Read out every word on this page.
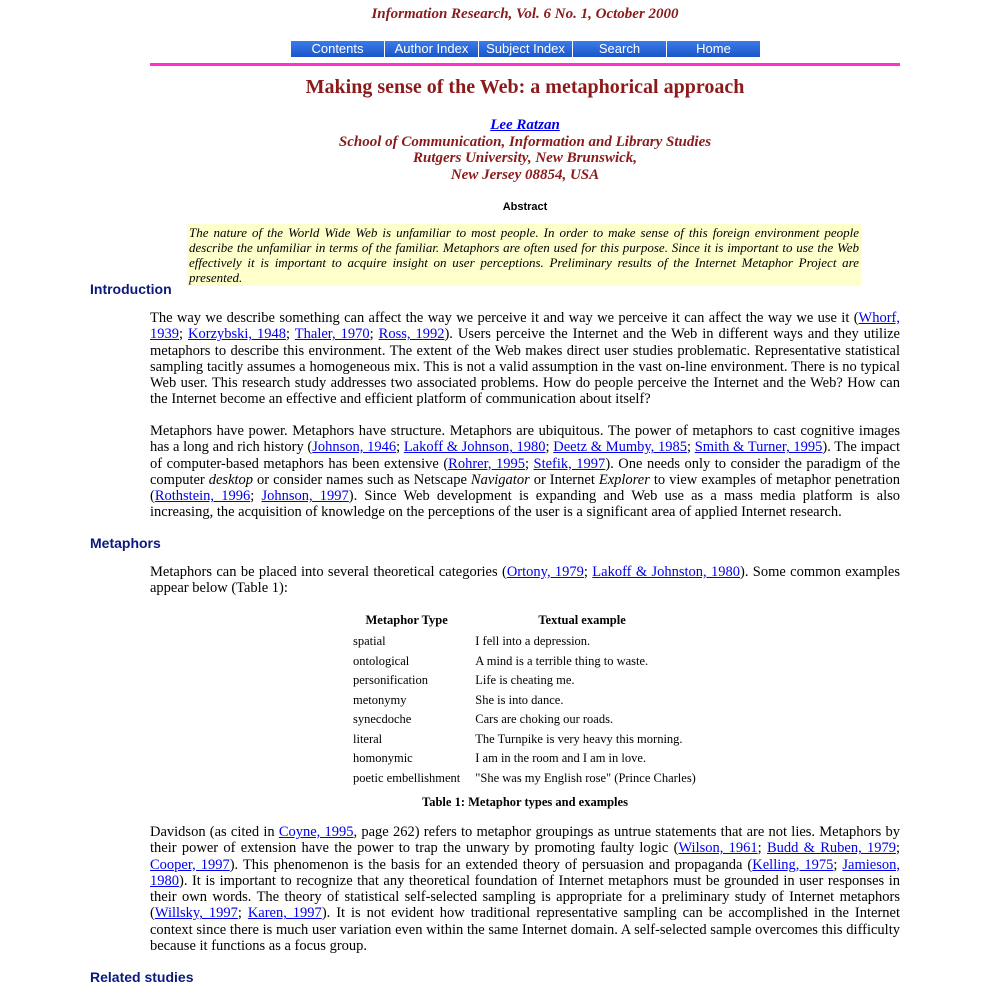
Information Research, Vol. 6 No. 1, October 2000
Contents	Author Index	Subject Index	Search	Home
Making sense of the Web: a metaphorical approach
Lee Ratzan
School of Communication, Information and Library Studies
Rutgers University, New Brunswick,
New Jersey 08854, USA
Abstract
The nature of the World Wide Web is unfamiliar to most people. In order to make sense of this foreign environment people describe the unfamiliar in terms of the familiar. Metaphors are often used for this purpose. Since it is important to use the Web effectively it is important to acquire insight on user perceptions. Preliminary results of the Internet Metaphor Project are presented.
Introduction

The way we describe something can affect the way we perceive it and way we perceive it can affect the way we use it (Whorf, 1939; Korzybski, 1948; Thaler, 1970; Ross, 1992). Users perceive the Internet and the Web in different ways and they utilize metaphors to describe this environment. The extent of the Web makes direct user studies problematic. Representative statistical sampling tacitly assumes a homogeneous mix. This is not a valid assumption in the vast on-line environment. There is no typical Web user. This research study addresses two associated problems. How do people perceive the Internet and the Web? How can the Internet become an effective and efficient platform of communication about itself?

Metaphors have power. Metaphors have structure. Metaphors are ubiquitous. The power of metaphors to cast cognitive images has a long and rich history (Johnson, 1946; Lakoff & Johnson, 1980; Deetz & Mumby, 1985; Smith & Turner, 1995). The impact of computer-based metaphors has been extensive (Rohrer, 1995; Stefik, 1997). One needs only to consider the paradigm of the computer desktop or consider names such as Netscape Navigator or Internet Explorer to view examples of metaphor penetration (Rothstein, 1996; Johnson, 1997). Since Web development is expanding and Web use as a mass media platform is also increasing, the acquisition of knowledge on the perceptions of the user is a significant area of applied Internet research.

Metaphors

Metaphors can be placed into several theoretical categories (Ortony, 1979; Lakoff & Johnston, 1980). Some common examples appear below (Table 1):

Metaphor Type	Textual example
spatial	I fell into a depression.
ontological	A mind is a terrible thing to waste.
personification	Life is cheating me.
metonymy	She is into dance.
synecdoche	Cars are choking our roads.
literal	The Turnpike is very heavy this morning.
homonymic	I am in the room and I am in love.
poetic embellishment	"She was my English rose" (Prince Charles)
Table 1: Metaphor types and examples

Davidson (as cited in Coyne, 1995, page 262) refers to metaphor groupings as untrue statements that are not lies. Metaphors by their power of extension have the power to trap the unwary by promoting faulty logic (Wilson, 1961; Budd & Ruben, 1979; Cooper, 1997). This phenomenon is the basis for an extended theory of persuasion and propaganda (Kelling, 1975; Jamieson, 1980). It is important to recognize that any theoretical foundation of Internet metaphors must be grounded in user responses in their own words. The theory of statistical self-selected sampling is appropriate for a preliminary study of Internet metaphors (Willsky, 1997; Karen, 1997). It is not evident how traditional representative sampling can be accomplished in the Internet context since there is much user variation even within the same Internet domain. A self-selected sample overcomes this difficulty because it functions as a focus group.

Related studies
